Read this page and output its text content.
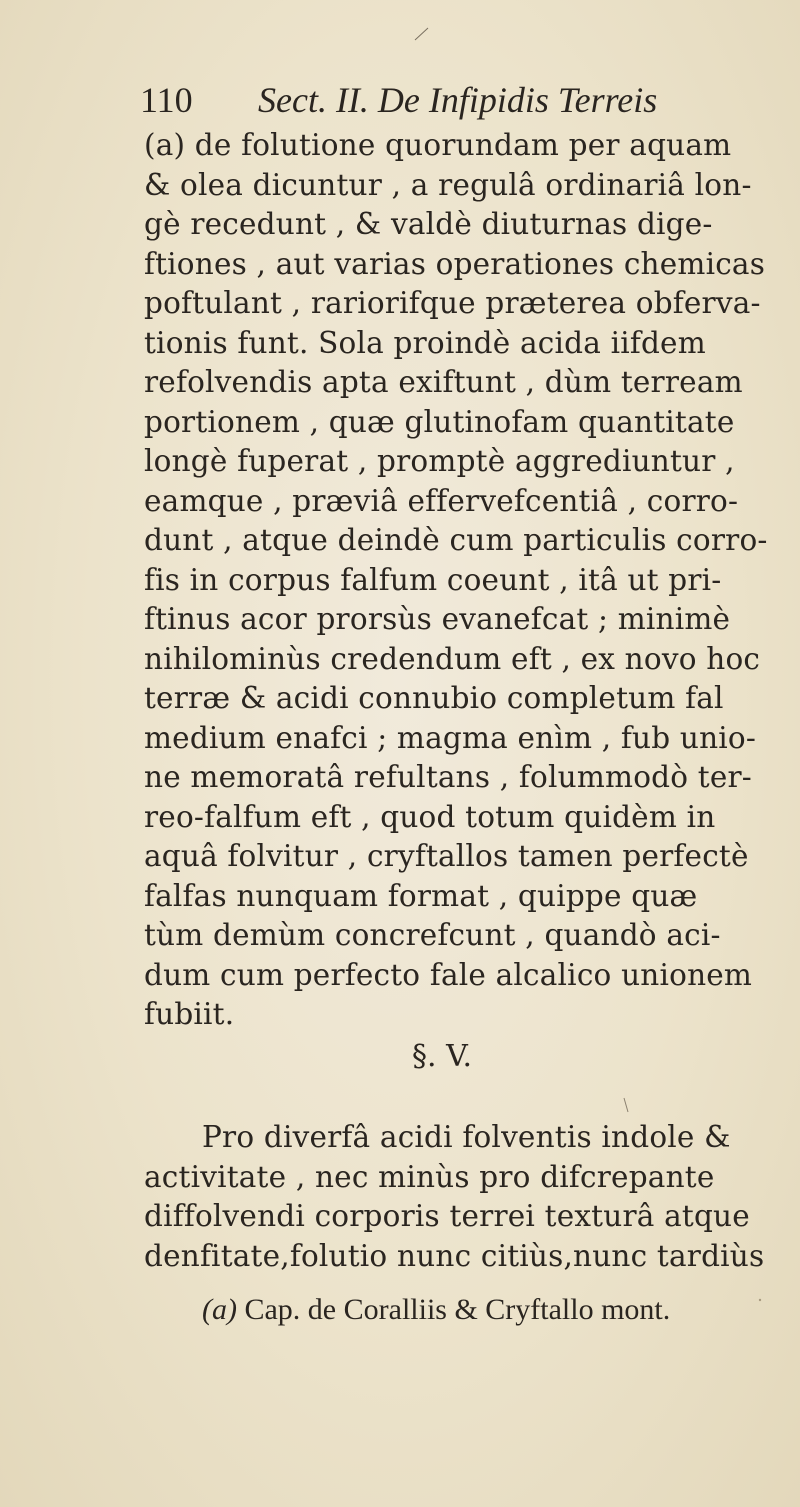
110 Sect. II. De Infipidis Terreis
(a) de folutione quorundam per aquam
& olea dicuntur , a regulâ ordinariâ lon-
gè recedunt , & valdè diuturnas dige-
ftiones , aut varias operationes chemicas
poftulant , rariorifque prӕterea obferva-
tionis funt. Sola proindè acida iifdem
refolvendis apta exiftunt , dùm terream
portionem , quӕ glutinofam quantitate
longè fuperat , promptè aggrediuntur ,
eamque , prӕviâ effervefcentiâ , corro-
dunt , atque deindè cum particulis corro-
fis in corpus falfum coeunt , itâ ut pri-
ftinus acor prorsùs evanefcat ; minimè
nihilominùs credendum eft , ex novo hoc
terrӕ & acidi connubio completum fal
medium enafci ; magma enìm , fub unio-
ne memoratâ refultans , folummodò ter-
reo-falfum eft , quod totum quidèm in
aquâ folvitur , cryftallos tamen perfectè
falfas nunquam format , quippe quӕ
tùm demùm concrefcunt , quandò aci-
dum cum perfecto fale alcalico unionem
fubiit.
§. V.
Pro diverfâ acidi folventis indole &
activitate , nec minùs pro difcrepante
diffolvendi corporis terrei texturâ atque
denfitate,folutio nunc citiùs,nunc tardiùs
(a) Cap. de Coralliis & Cryftallo mont.
